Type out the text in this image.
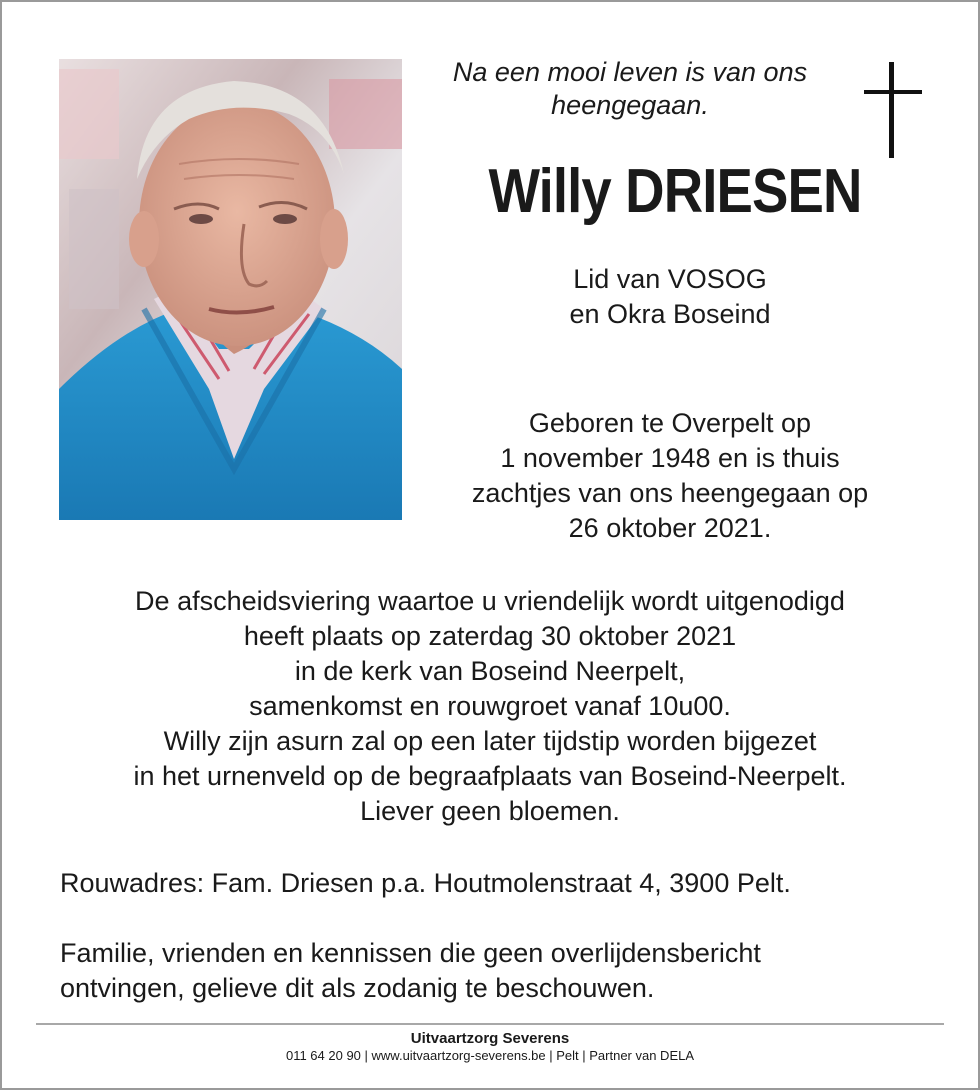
Na een mooi leven is van ons
heengegaan.
Willy DRIESEN
Lid van VOSOG
en Okra Boseind
Geboren te Overpelt op
1 november 1948 en is thuis
zachtjes van ons heengegaan op
26 oktober 2021.
De afscheidsviering waartoe u vriendelijk wordt uitgenodigd
heeft plaats op zaterdag 30 oktober 2021
in de kerk van Boseind Neerpelt,
samenkomst en rouwgroet vanaf 10u00.
Willy zijn asurn zal op een later tijdstip worden bijgezet
in het urnenveld op de begraafplaats van Boseind-Neerpelt.
Liever geen bloemen.
Rouwadres: Fam. Driesen p.a. Houtmolenstraat 4, 3900 Pelt.
Familie, vrienden en kennissen die geen overlijdensbericht
ontvingen, gelieve dit als zodanig te beschouwen.
Uitvaartzorg Severens
011 64 20 90 | www.uitvaartzorg-severens.be | Pelt | Partner van DELA
